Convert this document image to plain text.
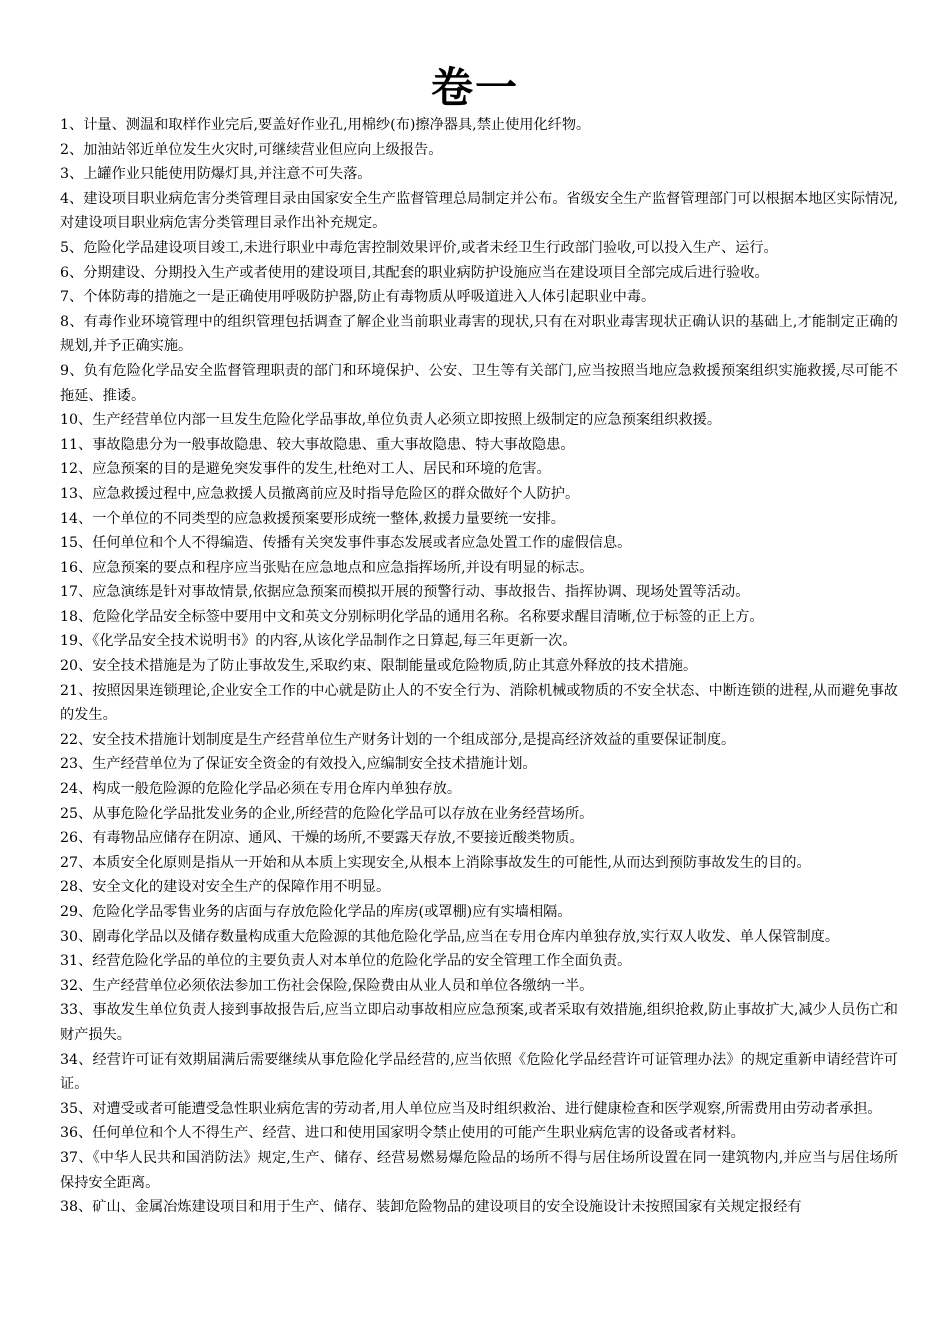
卷一
1、计量、测温和取样作业完后,要盖好作业孔,用棉纱(布)擦净器具,禁止使用化纤物。
2、加油站邻近单位发生火灾时,可继续营业但应向上级报告。
3、上罐作业只能使用防爆灯具,并注意不可失落。
4、建设项目职业病危害分类管理目录由国家安全生产监督管理总局制定并公布。省级安全生产监督管理部门可以根据本地区实际情况,对建设项目职业病危害分类管理目录作出补充规定。
5、危险化学品建设项目竣工,未进行职业中毒危害控制效果评价,或者未经卫生行政部门验收,可以投入生产、运行。
6、分期建设、分期投入生产或者使用的建设项目,其配套的职业病防护设施应当在建设项目全部完成后进行验收。
7、个体防毒的措施之一是正确使用呼吸防护器,防止有毒物质从呼吸道进入人体引起职业中毒。
8、有毒作业环境管理中的组织管理包括调查了解企业当前职业毒害的现状,只有在对职业毒害现状正确认识的基础上,才能制定正确的规划,并予正确实施。
9、负有危险化学品安全监督管理职责的部门和环境保护、公安、卫生等有关部门,应当按照当地应急救援预案组织实施救援,尽可能不拖延、推诿。
10、生产经营单位内部一旦发生危险化学品事故,单位负责人必须立即按照上级制定的应急预案组织救援。
11、事故隐患分为一般事故隐患、较大事故隐患、重大事故隐患、特大事故隐患。
12、应急预案的目的是避免突发事件的发生,杜绝对工人、居民和环境的危害。
13、应急救援过程中,应急救援人员撤离前应及时指导危险区的群众做好个人防护。
14、一个单位的不同类型的应急救援预案要形成统一整体,救援力量要统一安排。
15、任何单位和个人不得编造、传播有关突发事件事态发展或者应急处置工作的虚假信息。
16、应急预案的要点和程序应当张贴在应急地点和应急指挥场所,并设有明显的标志。
17、应急演练是针对事故情景,依据应急预案而模拟开展的预警行动、事故报告、指挥协调、现场处置等活动。
18、危险化学品安全标签中要用中文和英文分别标明化学品的通用名称。名称要求醒目清晰,位于标签的正上方。
19、《化学品安全技术说明书》的内容,从该化学品制作之日算起,每三年更新一次。
20、安全技术措施是为了防止事故发生,采取约束、限制能量或危险物质,防止其意外释放的技术措施。
21、按照因果连锁理论,企业安全工作的中心就是防止人的不安全行为、消除机械或物质的不安全状态、中断连锁的进程,从而避免事故的发生。
22、安全技术措施计划制度是生产经营单位生产财务计划的一个组成部分,是提高经济效益的重要保证制度。
23、生产经营单位为了保证安全资金的有效投入,应编制安全技术措施计划。
24、构成一般危险源的危险化学品必须在专用仓库内单独存放。
25、从事危险化学品批发业务的企业,所经营的危险化学品可以存放在业务经营场所。
26、有毒物品应储存在阴凉、通风、干燥的场所,不要露天存放,不要接近酸类物质。
27、本质安全化原则是指从一开始和从本质上实现安全,从根本上消除事故发生的可能性,从而达到预防事故发生的目的。
28、安全文化的建设对安全生产的保障作用不明显。
29、危险化学品零售业务的店面与存放危险化学品的库房(或罩棚)应有实墙相隔。
30、剧毒化学品以及储存数量构成重大危险源的其他危险化学品,应当在专用仓库内单独存放,实行双人收发、单人保管制度。
31、经营危险化学品的单位的主要负责人对本单位的危险化学品的安全管理工作全面负责。
32、生产经营单位必须依法参加工伤社会保险,保险费由从业人员和单位各缴纳一半。
33、事故发生单位负责人接到事故报告后,应当立即启动事故相应应急预案,或者采取有效措施,组织抢救,防止事故扩大,减少人员伤亡和财产损失。
34、经营许可证有效期届满后需要继续从事危险化学品经营的,应当依照《危险化学品经营许可证管理办法》的规定重新申请经营许可证。
35、对遭受或者可能遭受急性职业病危害的劳动者,用人单位应当及时组织救治、进行健康检查和医学观察,所需费用由劳动者承担。
36、任何单位和个人不得生产、经营、进口和使用国家明令禁止使用的可能产生职业病危害的设备或者材料。
37、《中华人民共和国消防法》规定,生产、储存、经营易燃易爆危险品的场所不得与居住场所设置在同一建筑物内,并应当与居住场所保持安全距离。
38、矿山、金属冶炼建设项目和用于生产、储存、装卸危险物品的建设项目的安全设施设计未按照国家有关规定报经有
